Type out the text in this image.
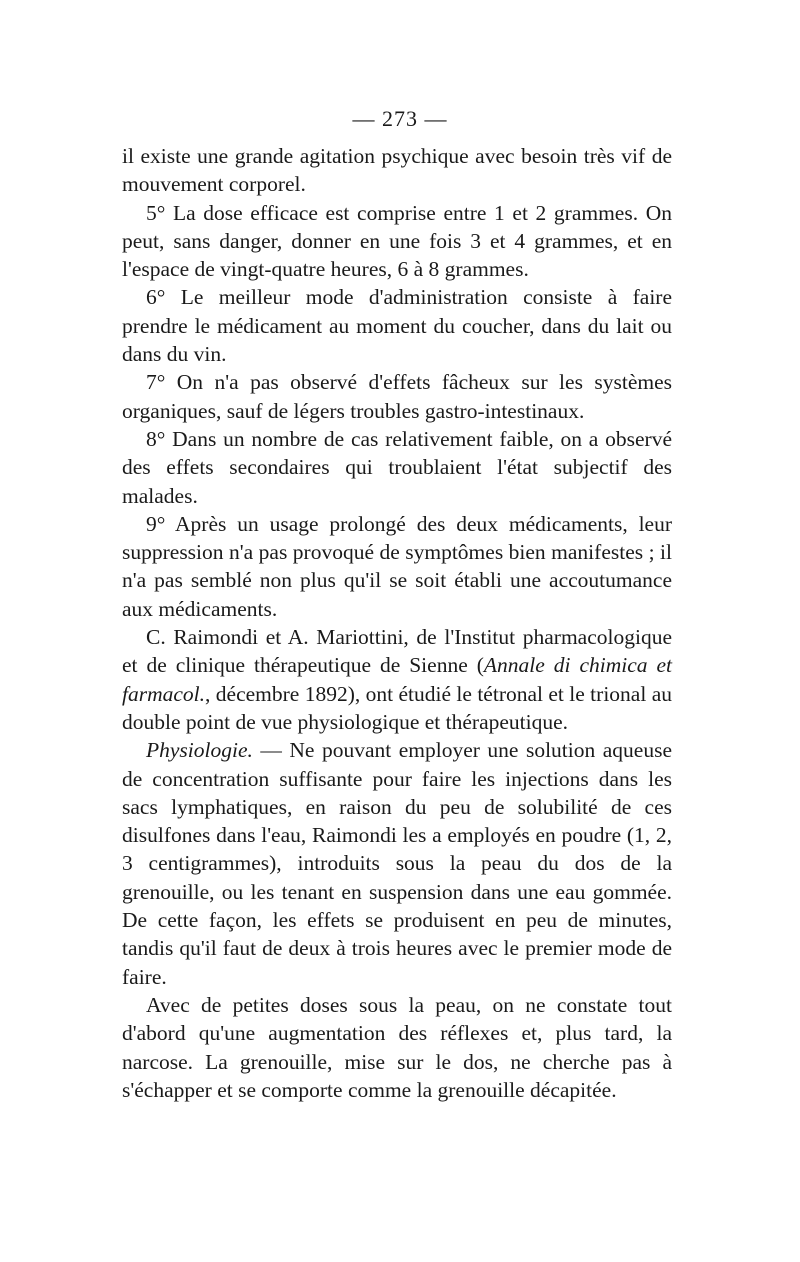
— 273 —

il existe une grande agitation psychique avec besoin très vif de mouvement corporel.

5° La dose efficace est comprise entre 1 et 2 grammes. On peut, sans danger, donner en une fois 3 et 4 grammes, et en l'espace de vingt-quatre heures, 6 à 8 grammes.

6° Le meilleur mode d'administration consiste à faire prendre le médicament au moment du coucher, dans du lait ou dans du vin.

7° On n'a pas observé d'effets fâcheux sur les systèmes organiques, sauf de légers troubles gastro-intestinaux.

8° Dans un nombre de cas relativement faible, on a observé des effets secondaires qui troublaient l'état subjectif des malades.

9° Après un usage prolongé des deux médicaments, leur suppression n'a pas provoqué de symptômes bien manifestes ; il n'a pas semblé non plus qu'il se soit établi une accoutumance aux médicaments.

C. Raimondi et A. Mariottini, de l'Institut pharmacologique et de clinique thérapeutique de Sienne (Annale di chimica et farmacol., décembre 1892), ont étudié le tétronal et le trional au double point de vue physiologique et thérapeutique.

Physiologie. — Ne pouvant employer une solution aqueuse de concentration suffisante pour faire les injections dans les sacs lymphatiques, en raison du peu de solubilité de ces disulfones dans l'eau, Raimondi les a employés en poudre (1, 2, 3 centigrammes), introduits sous la peau du dos de la grenouille, ou les tenant en suspension dans une eau gommée. De cette façon, les effets se produisent en peu de minutes, tandis qu'il faut de deux à trois heures avec le premier mode de faire.

Avec de petites doses sous la peau, on ne constate tout d'abord qu'une augmentation des réflexes et, plus tard, la narcose. La grenouille, mise sur le dos, ne cherche pas à s'échapper et se comporte comme la grenouille décapitée.
